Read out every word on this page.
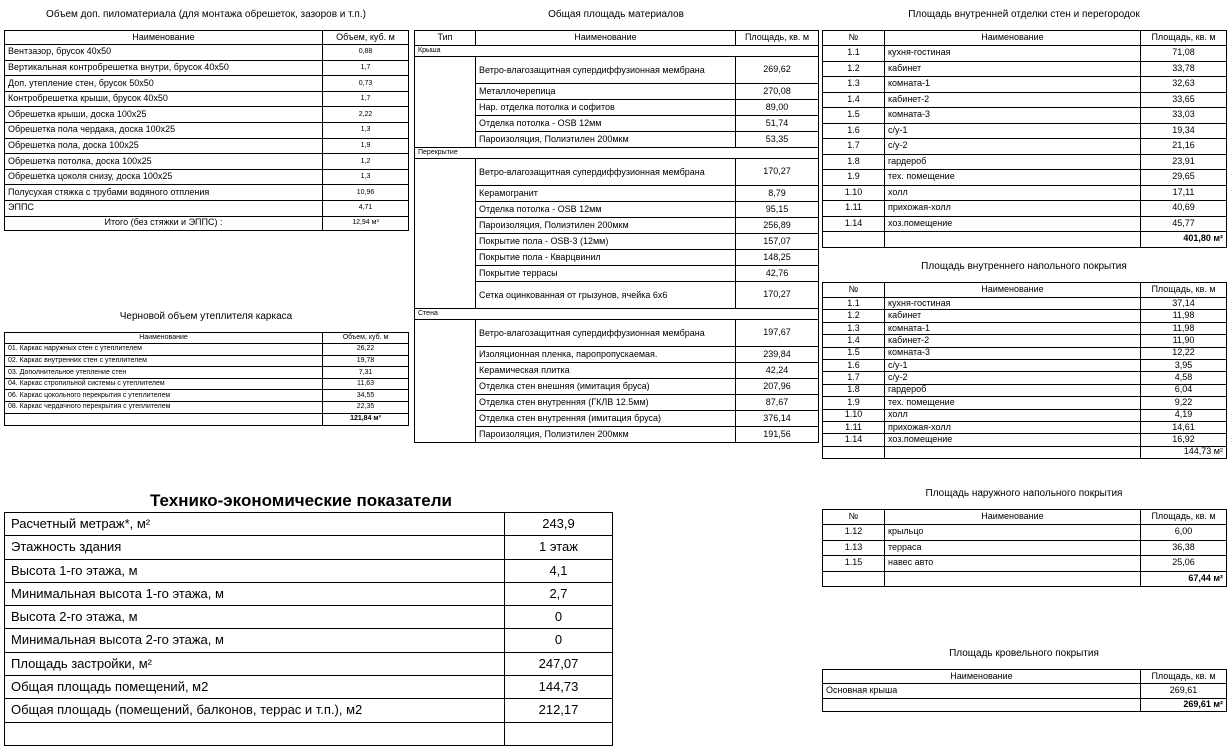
Объем доп. пиломатериала (для монтажа обрешеток, зазоров и т.п.)
Наименование	Объем, куб. м
Вентзазор, брусок 40х50	0,88
Вертикальная контробрешетка внутри, брусок 40х50	1,7
Доп. утепление стен, брусок 50х50	0,73
Контробрешетка крыши, брусок 40х50	1,7
Обрешетка крыши, доска 100х25	2,22
Обрешетка пола чердака, доска 100х25	1,3
Обрешетка пола, доска 100х25	1,9
Обрешетка потолка, доска 100х25	1,2
Обрешетка цоколя снизу, доска 100х25	1,3
Полусухая стяжка с трубами водяного отпления	10,96
ЭППС	4,71
Итого (без стяжки и ЭППС) :	12,94 м³
Черновой объем утеплителя каркаса
Наименование	Объем, куб. м
01. Каркас наружных стен с утеплителем	26,22
02. Каркас внутренних стен с утеплителем	19,78
03. Дополнительное утепление стен	7,31
04. Каркас стропильной системы с утеплителем	11,63
06. Каркас цокольного перекрытия с утеплителем	34,55
08. Каркас чердачного перекрытия с утеплителем	22,35
	121,84 м³
Общая площадь материалов
Тип	Наименование	Площадь, кв. м
Крыша		
	Ветро-влагозащитная супердиффузионная мембрана	269,62
	Металлочерепица	270,08
	Нар. отделка потолка и софитов	89,00
	Отделка потолка - OSB 12мм	51,74
	Пароизоляция, Полиэтилен 200мкм	53,35
Перекрытие		
	Ветро-влагозащитная супердиффузионная мембрана	170,27
	Керамогранит	8,79
	Отделка потолка - OSB 12мм	95,15
	Пароизоляция, Полиэтилен 200мкм	256,89
	Покрытие пола - OSB-3 (12мм)	157,07
	Покрытие пола - Кварцвинил	148,25
	Покрытие террасы	42,76
	Сетка оцинкованная от грызунов, ячейка 6х6	170,27
Стена		
	Ветро-влагозащитная супердиффузионная мембрана	197,67
	Изоляционная пленка, паропропускаемая.	239,84
	Керамическая плитка	42,24
	Отделка стен внешняя (имитация бруса)	207,96
	Отделка стен внутренняя (ГКЛВ 12.5мм)	87,67
	Отделка стен внутренняя (имитация бруса)	376,14
	Пароизоляция, Полиэтилен 200мкм	191,56
Площадь внутренней отделки стен и перегородок
№	Наименование	Площадь, кв. м
1.1	кухня-гостиная	71,08
1.2	кабинет	33,78
1.3	комната-1	32,63
1.4	кабинет-2	33,65
1.5	комната-3	33,03
1.6	с/у-1	19,34
1.7	с/у-2	21,16
1.8	гардероб	23,91
1.9	тех. помещение	29,65
1.10	холл	17,11
1.11	прихожая-холл	40,69
1.14	хоз.помещение	45,77
		401,80 м²
Площадь внутреннего напольного покрытия
№	Наименование	Площадь, кв. м
1.1	кухня-гостиная	37,14
1.2	кабинет	11,98
1.3	комната-1	11,98
1.4	кабинет-2	11,90
1.5	комната-3	12,22
1.6	с/у-1	3,95
1.7	с/у-2	4,58
1.8	гардероб	6,04
1.9	тех. помещение	9,22
1.10	холл	4,19
1.11	прихожая-холл	14,61
1.14	хоз.помещение	16,92
		144,73 м²
Площадь наружного напольного покрытия
№	Наименование	Площадь, кв. м
1.12	крыльцо	6,00
1.13	терраса	36,38
1.15	навес авто	25,06
		67,44 м²
Площадь кровельного покрытия
Наименование	Площадь, кв. м
Основная крыша	269,61
	269,61 м²
Технико-экономические показатели
Расчетный метраж*, м²	243,9
Этажность здания	1 этаж
Высота 1-го этажа, м	4,1
Минимальная высота 1-го этажа, м	2,7
Высота 2-го этажа, м	0
Минимальная высота 2-го этажа, м	0
Площадь застройки, м²	247,07
Общая площадь помещений, м2	144,73
Общая площадь (помещений, балконов, террас и т.п.), м2	212,17
